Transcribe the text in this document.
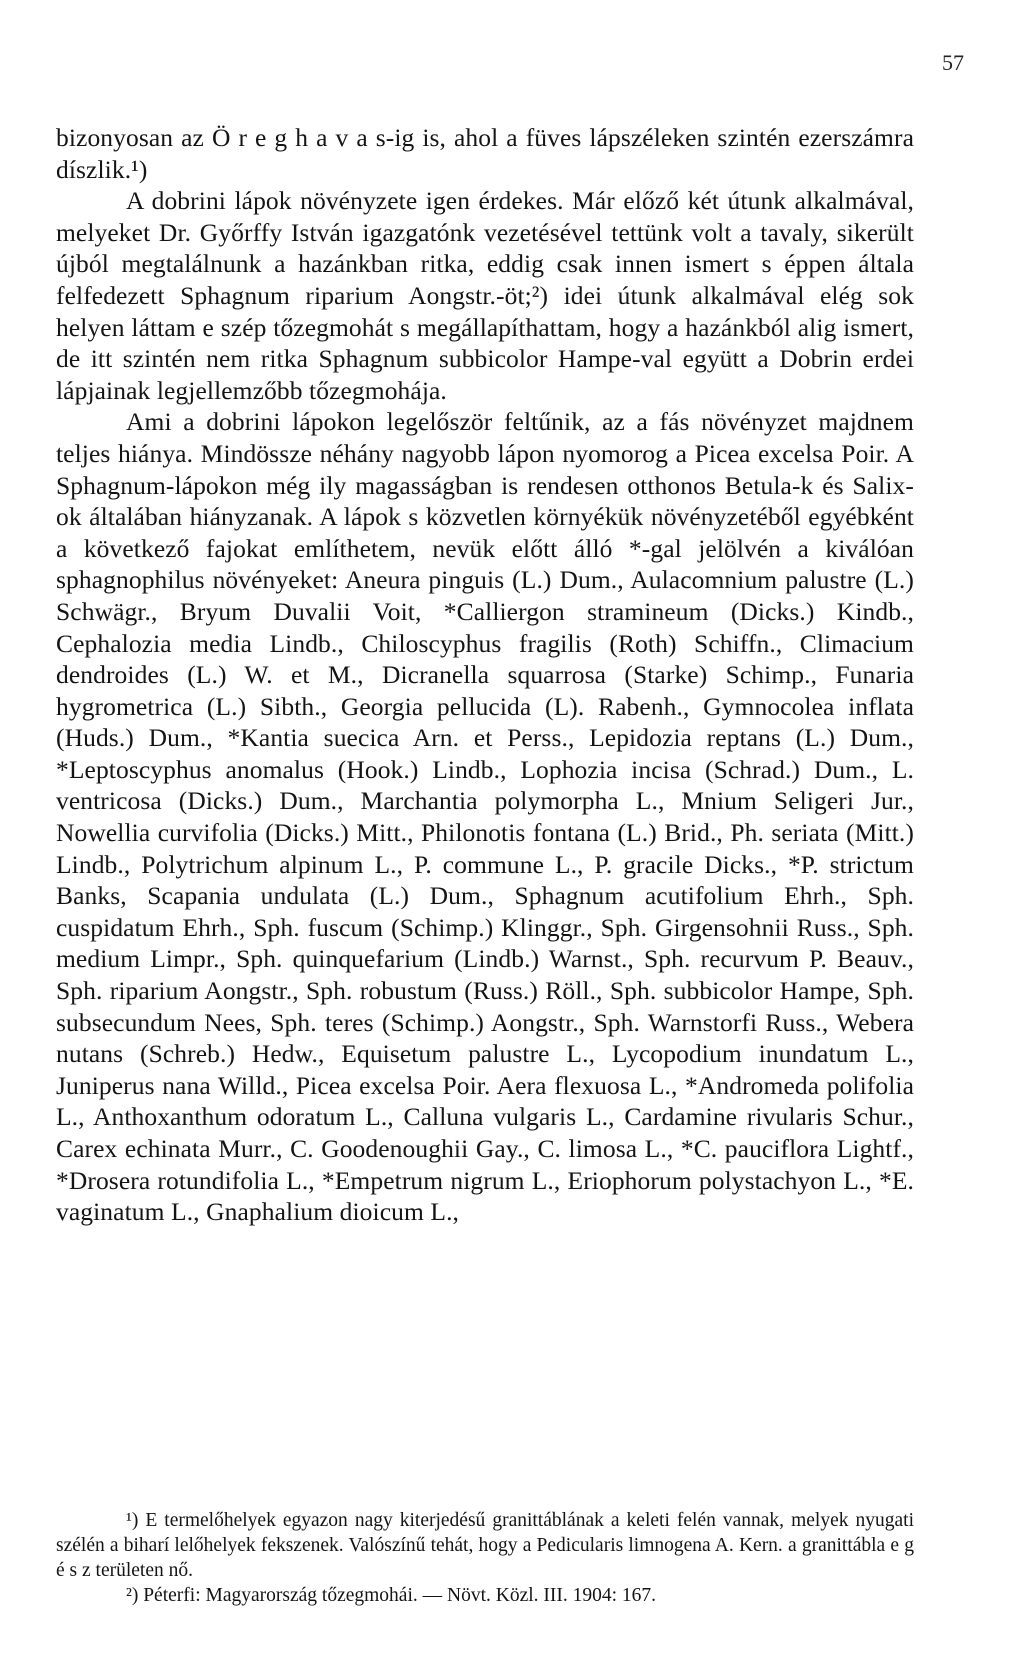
57

bizonyosan az Ö r e g h a v a s-ig is, ahol a füves lápszéleken szintén ezerszámra díszlik.¹)

A dobrini lápok növényzete igen érdekes. Már előző két útunk alkalmával, melyeket Dr. Győrffy István igazgatónk vezetésével tettünk volt a tavaly, sikerült újból megtalálnunk a hazánkban ritka, eddig csak innen ismert s éppen általa felfedezett Sphagnum riparium Aongstr.-öt;²) idei útunk alkalmával elég sok helyen láttam e szép tőzegmohát s megállapíthattam, hogy a hazánkból alig ismert, de itt szintén nem ritka Sphagnum subbicolor Hampe-val együtt a Dobrin erdei lápjainak legjellemzőbb tőzegmohája.

Ami a dobrini lápokon legelőször feltűnik, az a fás növényzet majdnem teljes hiánya. Mindössze néhány nagyobb lápon nyomorog a Picea excelsa Poir. A Sphagnum-lápokon még ily magasságban is rendesen otthonos Betula-k és Salix-ok általában hiányzanak. A lápok s közvetlen környékük növényzetéből egyébként a következő fajokat említhetem, nevük előtt álló *-gal jelölvén a kiválóan sphagnophilus növényeket: Aneura pinguis (L.) Dum., Aulacomnium palustre (L.) Schwägr., Bryum Duvalii Voit, *Calliergon stramineum (Dicks.) Kindb., Cephalozia media Lindb., Chiloscyphus fragilis (Roth) Schiffn., Climacium dendroides (L.) W. et M., Dicranella squarrosa (Starke) Schimp., Funaria hygrometrica (L.) Sibth., Georgia pellucida (L). Rabenh., Gymnocolea inflata (Huds.) Dum., *Kantia suecica Arn. et Perss., Lepidozia reptans (L.) Dum., *Leptoscyphus anomalus (Hook.) Lindb., Lophozia incisa (Schrad.) Dum., L. ventricosa (Dicks.) Dum., Marchantia polymorpha L., Mnium Seligeri Jur., Nowellia curvifolia (Dicks.) Mitt., Philonotis fontana (L.) Brid., Ph. seriata (Mitt.) Lindb., Polytrichum alpinum L., P. commune L., P. gracile Dicks., *P. strictum Banks, Scapania undulata (L.) Dum., Sphagnum acutifolium Ehrh., Sph. cuspidatum Ehrh., Sph. fuscum (Schimp.) Klinggr., Sph. Girgensohnii Russ., Sph. medium Limpr., Sph. quinquefarium (Lindb.) Warnst., Sph. recurvum P. Beauv., Sph. riparium Aongstr., Sph. robustum (Russ.) Röll., Sph. subbicolor Hampe, Sph. subsecundum Nees, Sph. teres (Schimp.) Aongstr., Sph. Warnstorfi Russ., Webera nutans (Schreb.) Hedw., Equisetum palustre L., Lycopodium inundatum L., Juniperus nana Willd., Picea excelsa Poir. Aera flexuosa L., *Andromeda polifolia L., Anthoxanthum odoratum L., Calluna vulgaris L., Cardamine rivularis Schur., Carex echinata Murr., C. Goodenoughii Gay., C. limosa L., *C. pauciflora Lightf., *Drosera rotundifolia L., *Empetrum nigrum L., Eriophorum polystachyon L., *E. vaginatum L., Gnaphalium dioicum L.,

¹) E termelőhelyek egyazon nagy kiterjedésű granittáblának a keleti felén vannak, melyek nyugati szélén a biharí lelőhelyek fekszenek. Valószínű tehát, hogy a Pedicularis limnogena A. Kern. a granittábla e g é s z területen nő.

²) Péterfi: Magyarország tőzegmohái. — Növt. Közl. III. 1904: 167.
